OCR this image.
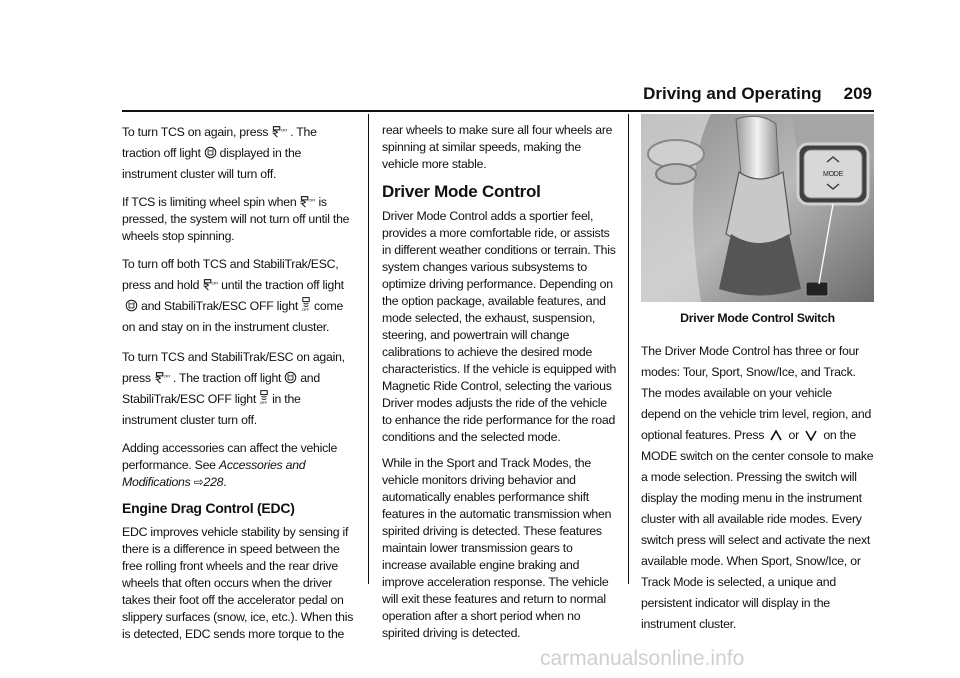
Driving and Operating 209

To turn TCS on again, press . The traction off light displayed in the instrument cluster will turn off.

If TCS is limiting wheel spin when is pressed, the system will not turn off until the wheels stop spinning.

To turn off both TCS and StabiliTrak/ESC, press and hold until the traction off lightand StabiliTrak/ESC OFF light come on and stay on in the instrument cluster.

To turn TCS and StabiliTrak/ESC on again, press . The traction off light and StabiliTrak/ESC OFF light in the instrument cluster turn off.

Adding accessories can affect the vehicle performance. See Accessories and Modifications ⇨228.

Engine Drag Control (EDC)

EDC improves vehicle stability by sensing if there is a difference in speed between the free rolling front wheels and the rear drive wheels that often occurs when the driver takes their foot off the accelerator pedal on slippery surfaces (snow, ice, etc.). When this is detected, EDC sends more torque to the

rear wheels to make sure all four wheels are spinning at similar speeds, making the vehicle more stable.

Driver Mode Control

Driver Mode Control adds a sportier feel, provides a more comfortable ride, or assists in different weather conditions or terrain. This system changes various subsystems to optimize driving performance. Depending on the option package, available features, and mode selected, the exhaust, suspension, steering, and powertrain will change calibrations to achieve the desired mode characteristics. If the vehicle is equipped with Magnetic Ride Control, selecting the various Driver modes adjusts the ride of the vehicle to enhance the ride performance for the road conditions and the selected mode.

While in the Sport and Track Modes, the vehicle monitors driving behavior and automatically enables performance shift features in the automatic transmission when spirited driving is detected. These features maintain lower transmission gears to increase available engine braking and improve acceleration response. The vehicle will exit these features and return to normal operation after a short period when no spirited driving is detected.

MODE
Driver Mode Control Switch

The Driver Mode Control has three or four modes: Tour, Sport, Snow/Ice, and Track. The modes available on your vehicle depend on the vehicle trim level, region, and optional features. Press or on the MODE switch on the center console to make a mode selection. Pressing the switch will display the moding menu in the instrument cluster with all available ride modes. Every switch press will select and activate the next available mode. When Sport, Snow/Ice, or Track Mode is selected, a unique and persistent indicator will display in the instrument cluster.

carmanualsonline.info
